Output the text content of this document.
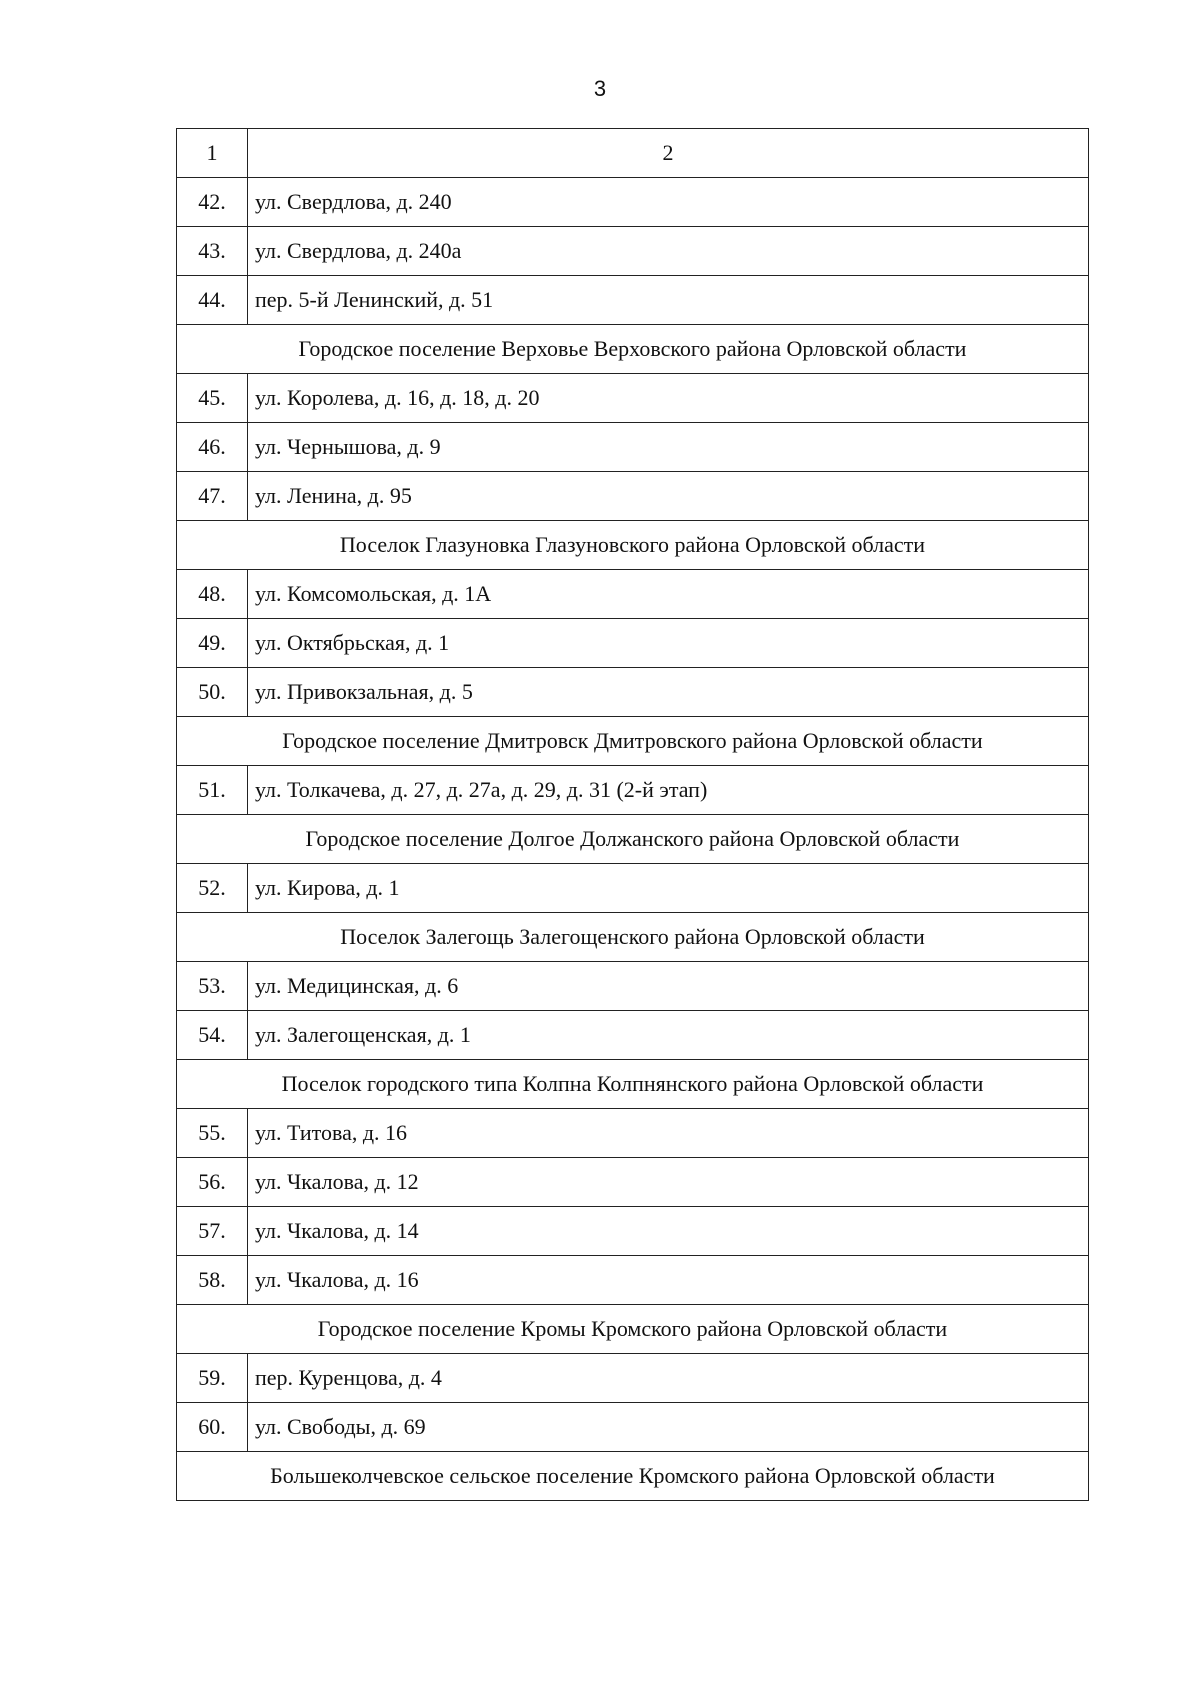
3
1	2
42.	ул. Свердлова, д. 240
43.	ул. Свердлова, д. 240а
44.	пер. 5-й Ленинский, д. 51
Городское поселение Верховье Верховского района Орловской области	
45.	ул. Королева, д. 16, д. 18, д. 20
46.	ул. Чернышова, д. 9
47.	ул. Ленина, д. 95
Поселок Глазуновка Глазуновского района Орловской области	
48.	ул. Комсомольская, д. 1А
49.	ул. Октябрьская, д. 1
50.	ул. Привокзальная, д. 5
Городское поселение Дмитровск Дмитровского района Орловской области	
51.	ул. Толкачева, д. 27, д. 27а, д. 29, д. 31 (2-й этап)
Городское поселение Долгое Должанского района Орловской области	
52.	ул. Кирова, д. 1
Поселок Залегощь Залегощенского района Орловской области	
53.	ул. Медицинская, д. 6
54.	ул. Залегощенская, д. 1
Поселок городского типа Колпна Колпнянского района Орловской области	
55.	ул. Титова, д. 16
56.	ул. Чкалова, д. 12
57.	ул. Чкалова, д. 14
58.	ул. Чкалова, д. 16
Городское поселение Кромы Кромского района Орловской области	
59.	пер. Куренцова, д. 4
60.	ул. Свободы, д. 69
Большеколчевское сельское поселение Кромского района Орловской области	
